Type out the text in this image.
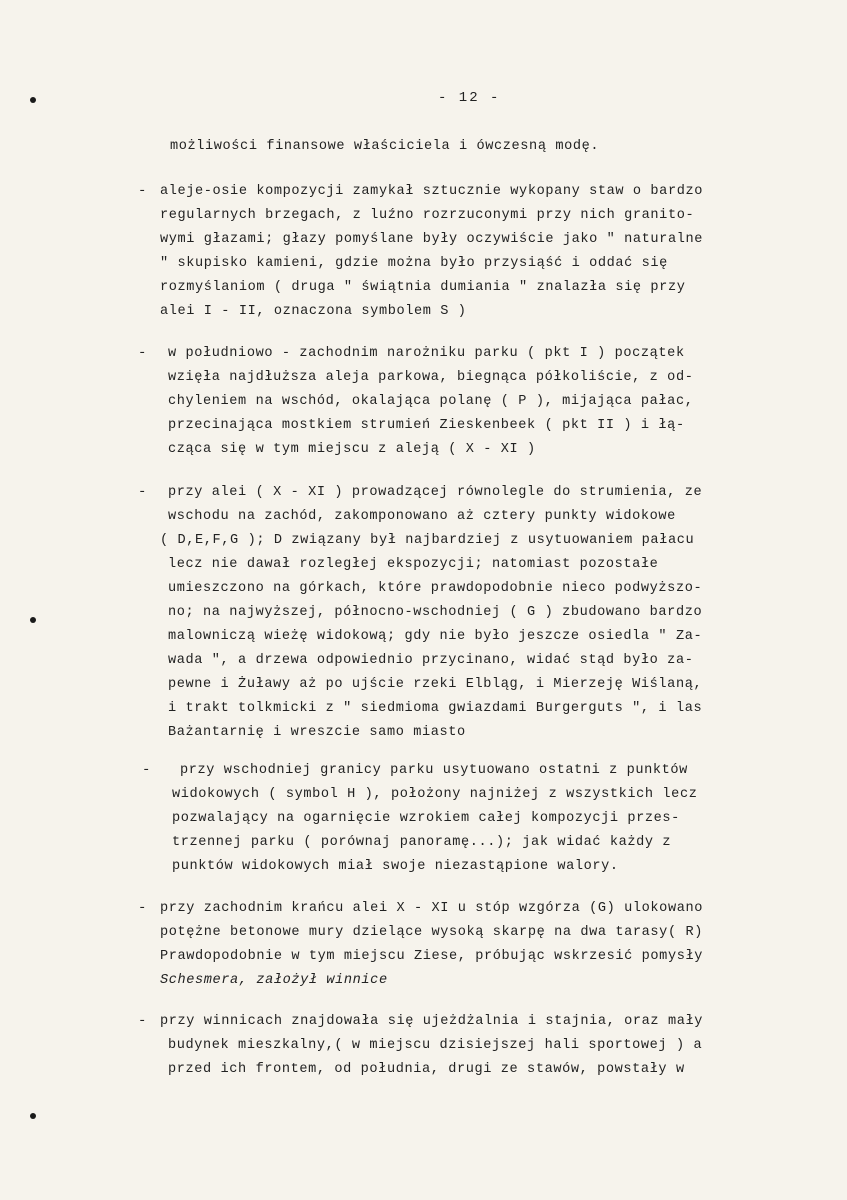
- 12 -
możliwości finansowe właściciela i ówczesną modę.
- aleje-osie kompozycji zamykał sztucznie wykopany staw o bardzo
regularnych brzegach, z luźno rozrzuconymi przy nich granito-
wymi głazami; głazy pomyślane były oczywiście jako " naturalne
" skupisko kamieni, gdzie można było przysiąść i oddać się
rozmyślaniom ( druga " świątnia dumiania " znalazła się przy
alei I - II, oznaczona symbolem S )
- w południowo - zachodnim narożniku parku ( pkt I ) początek
wzięła najdłuższa aleja parkowa, biegnąca półkoliście, z od-
chyleniem na wschód, okalająca polanę ( P ), mijająca pałac,
przecinająca mostkiem strumień Zieskenbeek ( pkt II ) i łą-
cząca się w tym miejscu z aleją ( X - XI )
- przy alei ( X - XI ) prowadzącej równolegle do strumienia, ze
wschodu na zachód, zakomponowano aż cztery punkty widokowe
( D,E,F,G ); D związany był najbardziej z usytuowaniem pałacu
lecz nie dawał rozległej ekspozycji; natomiast pozostałe
umieszczono na górkach, które prawdopodobnie nieco podwyższo-
no; na najwyższej, północno-wschodniej ( G ) zbudowano bardzo
malowniczą wieżę widokową; gdy nie było jeszcze osiedla " Za-
wada ", a drzewa odpowiednio przycinano, widać stąd było za-
pewne i Żuławy aż po ujście rzeki Elbląg, i Mierzeję Wiślaną,
i trakt tolkmicki z " siedmioma gwiazdami Burgerguts ", i las
Bażantarnię i wreszcie samo miasto
- przy wschodniej granicy parku usytuowano ostatni z punktów
widokowych ( symbol H ), położony najniżej z wszystkich lecz
pozwalający na ogarnięcie wzrokiem całej kompozycji przes-
trzennej parku ( porównaj panoramę...); jak widać każdy z
punktów widokowych miał swoje niezastąpione walory.
- przy zachodnim krańcu alei X - XI u stóp wzgórza (G) ulokowano
potężne betonowe mury dzielące wysoką skarpę na dwa tarasy( R)
Prawdopodobnie w tym miejscu Ziese, próbując wskrzesić pomysły
Schesmera, założył winnice
- przy winnicach znajdowała się ujeżdżalnia i stajnia, oraz mały
budynek mieszkalny,( w miejscu dzisiejszej hali sportowej ) a
przed ich frontem, od południa, drugi ze stawów, powstały w
